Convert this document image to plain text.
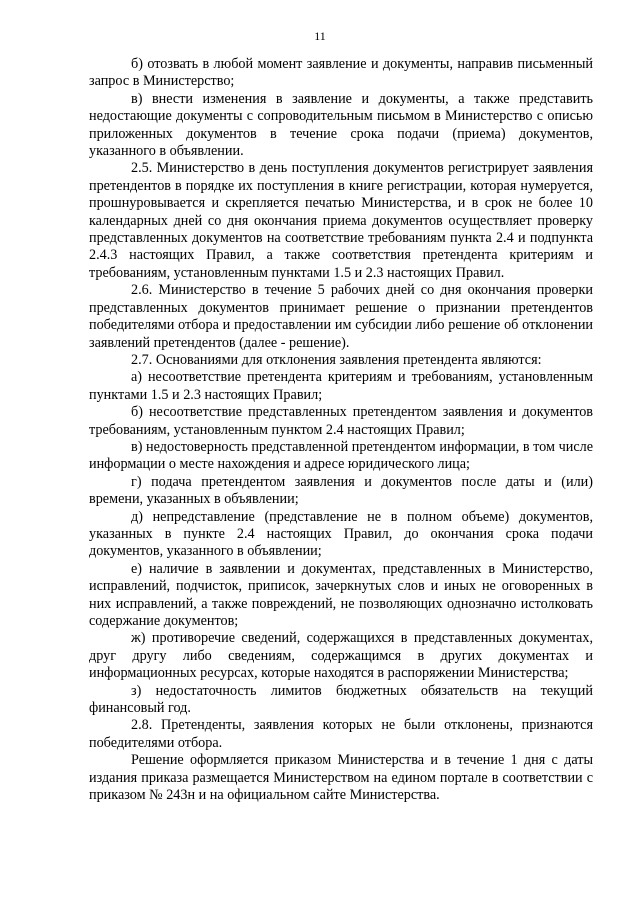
11

б) отозвать в любой момент заявление и документы, направив письменный запрос в Министерство;

в) внести изменения в заявление и документы, а также представить недостающие документы с сопроводительным письмом в Министерство с описью приложенных документов в течение срока подачи (приема) документов, указанного в объявлении.

2.5. Министерство в день поступления документов регистрирует заявления претендентов в порядке их поступления в книге регистрации, которая нумеруется, прошнуровывается и скрепляется печатью Министерства, и в срок не более 10 календарных дней со дня окончания приема документов осуществляет проверку представленных документов на соответствие требованиям пункта 2.4 и подпункта 2.4.3 настоящих Правил, а также соответствия претендента критериям и требованиям, установленным пунктами 1.5 и 2.3 настоящих Правил.

2.6. Министерство в течение 5 рабочих дней со дня окончания проверки представленных документов принимает решение о признании претендентов победителями отбора и предоставлении им субсидии либо решение об отклонении заявлений претендентов (далее - решение).

2.7. Основаниями для отклонения заявления претендента являются:

а) несоответствие претендента критериям и требованиям, установленным пунктами 1.5 и 2.3 настоящих Правил;

б) несоответствие представленных претендентом заявления и документов требованиям, установленным пунктом 2.4 настоящих Правил;

в) недостоверность представленной претендентом информации, в том числе информации о месте нахождения и адресе юридического лица;

г) подача претендентом заявления и документов после даты и (или) времени, указанных в объявлении;

д) непредставление (представление не в полном объеме) документов, указанных в пункте 2.4 настоящих Правил, до окончания срока подачи документов, указанного в объявлении;

е) наличие в заявлении и документах, представленных в Министерство, исправлений, подчисток, приписок, зачеркнутых слов и иных не оговоренных в них исправлений, а также повреждений, не позволяющих однозначно истолковать содержание документов;

ж) противоречие сведений, содержащихся в представленных документах, друг другу либо сведениям, содержащимся в других документах и информационных ресурсах, которые находятся в распоряжении Министерства;

з) недостаточность лимитов бюджетных обязательств на текущий финансовый год.

2.8. Претенденты, заявления которых не были отклонены, признаются победителями отбора.

Решение оформляется приказом Министерства и в течение 1 дня с даты издания приказа размещается Министерством на едином портале в соответствии с приказом № 243н и на официальном сайте Министерства.
